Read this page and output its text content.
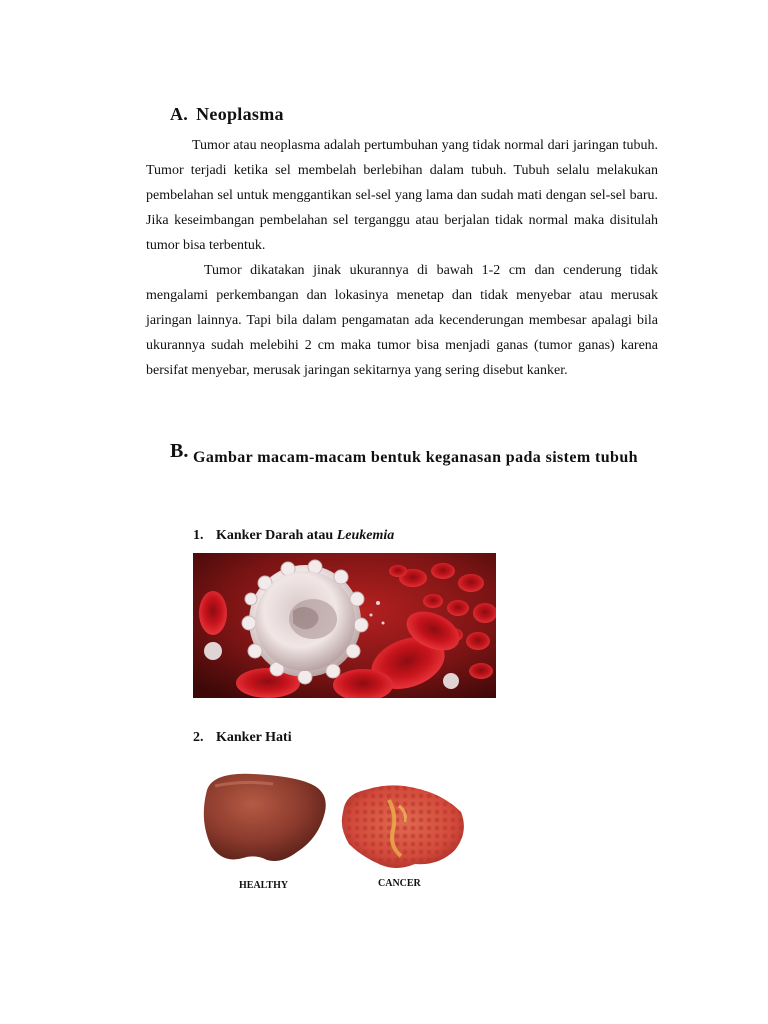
A. Neoplasma

Tumor atau neoplasma adalah pertumbuhan yang tidak normal dari jaringan tubuh. Tumor terjadi ketika sel membelah berlebihan dalam tubuh. Tubuh selalu melakukan pembelahan sel untuk menggantikan sel-sel yang lama dan sudah mati dengan sel-sel baru. Jika keseimbangan pembelahan sel terganggu atau berjalan tidak normal maka disitulah tumor bisa terbentuk.

Tumor dikatakan jinak ukurannya di bawah 1-2 cm dan cenderung tidak mengalami perkembangan dan lokasinya menetap dan tidak menyebar atau merusak jaringan lainnya. Tapi bila dalam pengamatan ada kecenderungan membesar apalagi bila ukurannya sudah melebihi 2 cm maka tumor bisa menjadi ganas (tumor ganas) karena bersifat menyebar, merusak jaringan sekitarnya yang sering disebut kanker.

B. Gambar macam-macam bentuk keganasan pada sistem tubuh
1. Kanker Darah atau Leukemia
2. Kanker Hati
HEALTHY	CANCER
